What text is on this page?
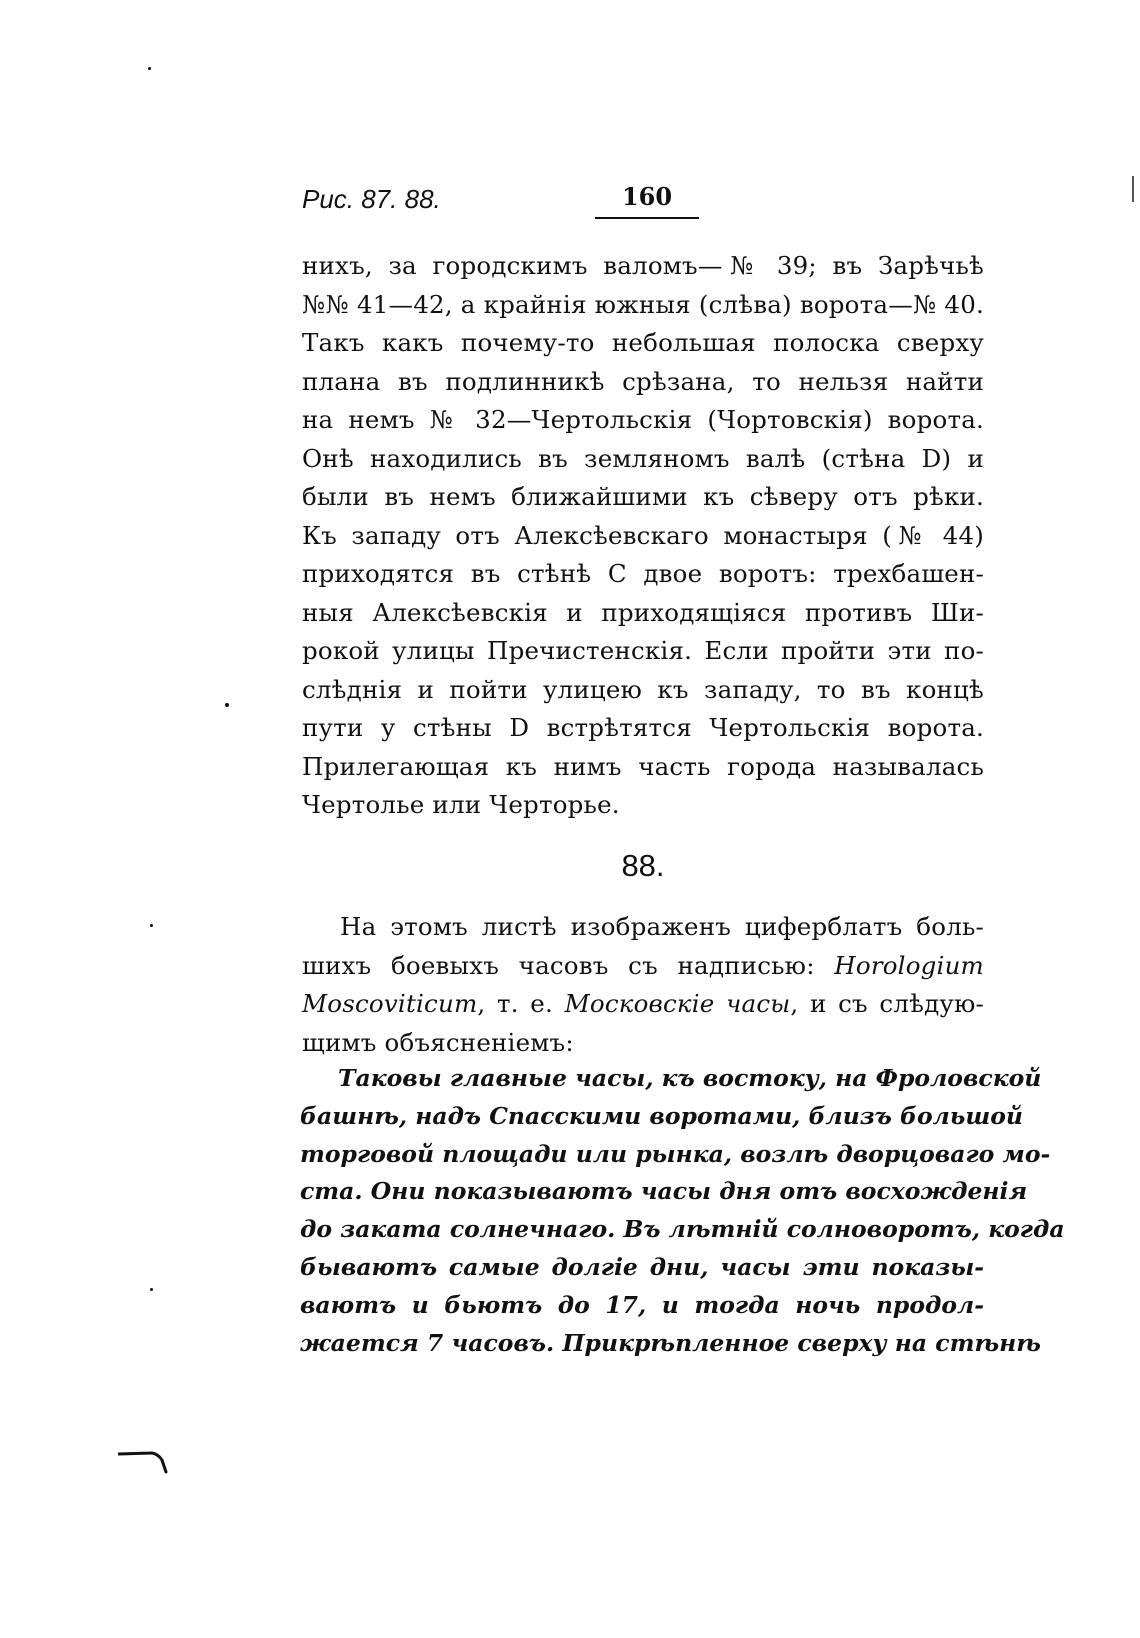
Рис. 87. 88.	160
нихъ, за городскимъ валомъ—№ 39; въ Зарѣчьѣ
№№ 41—42, а крайнія южныя (слѣва) ворота—№ 40.
Такъ какъ почему-то небольшая полоска сверху
плана въ подлинникѣ срѣзана, то нельзя найти
на немъ № 32—Чертольскія (Чортовскія) ворота.
Онѣ находились въ земляномъ валѣ (стѣна D) и
были въ немъ ближайшими къ сѣверу отъ рѣки.
Къ западу отъ Алексѣевскаго монастыря (№ 44)
приходятся въ стѣнѣ C двое воротъ: трехбашен-
ныя Алексѣевскія и приходящіяся противъ Ши-
рокой улицы Пречистенскія. Если пройти эти по-
слѣднія и пойти улицею къ западу, то въ концѣ
пути у стѣны D встрѣтятся Чертольскія ворота.
Прилегающая къ нимъ часть города называлась
Чертолье или Черторье.
88.
На этомъ листѣ изображенъ циферблатъ боль-
шихъ боевыхъ часовъ съ надписью: Horologium
Moscoviticum, т. е. Московскіе часы, и съ слѣдую-
щимъ объясненіемъ:
Таковы главные часы, къ востоку, на Фроловской
башнѣ, надъ Спасскими воротами, близъ большой
торговой площади или рынка, возлѣ дворцоваго мо-
ста. Они показываютъ часы дня отъ восхожденія
до заката солнечнаго. Въ лѣтній солноворотъ, когда
бываютъ самые долгіе дни, часы эти показы-
ваютъ и бьютъ до 17, и тогда ночь продол-
жается 7 часовъ. Прикрѣпленное сверху на стѣнѣ
